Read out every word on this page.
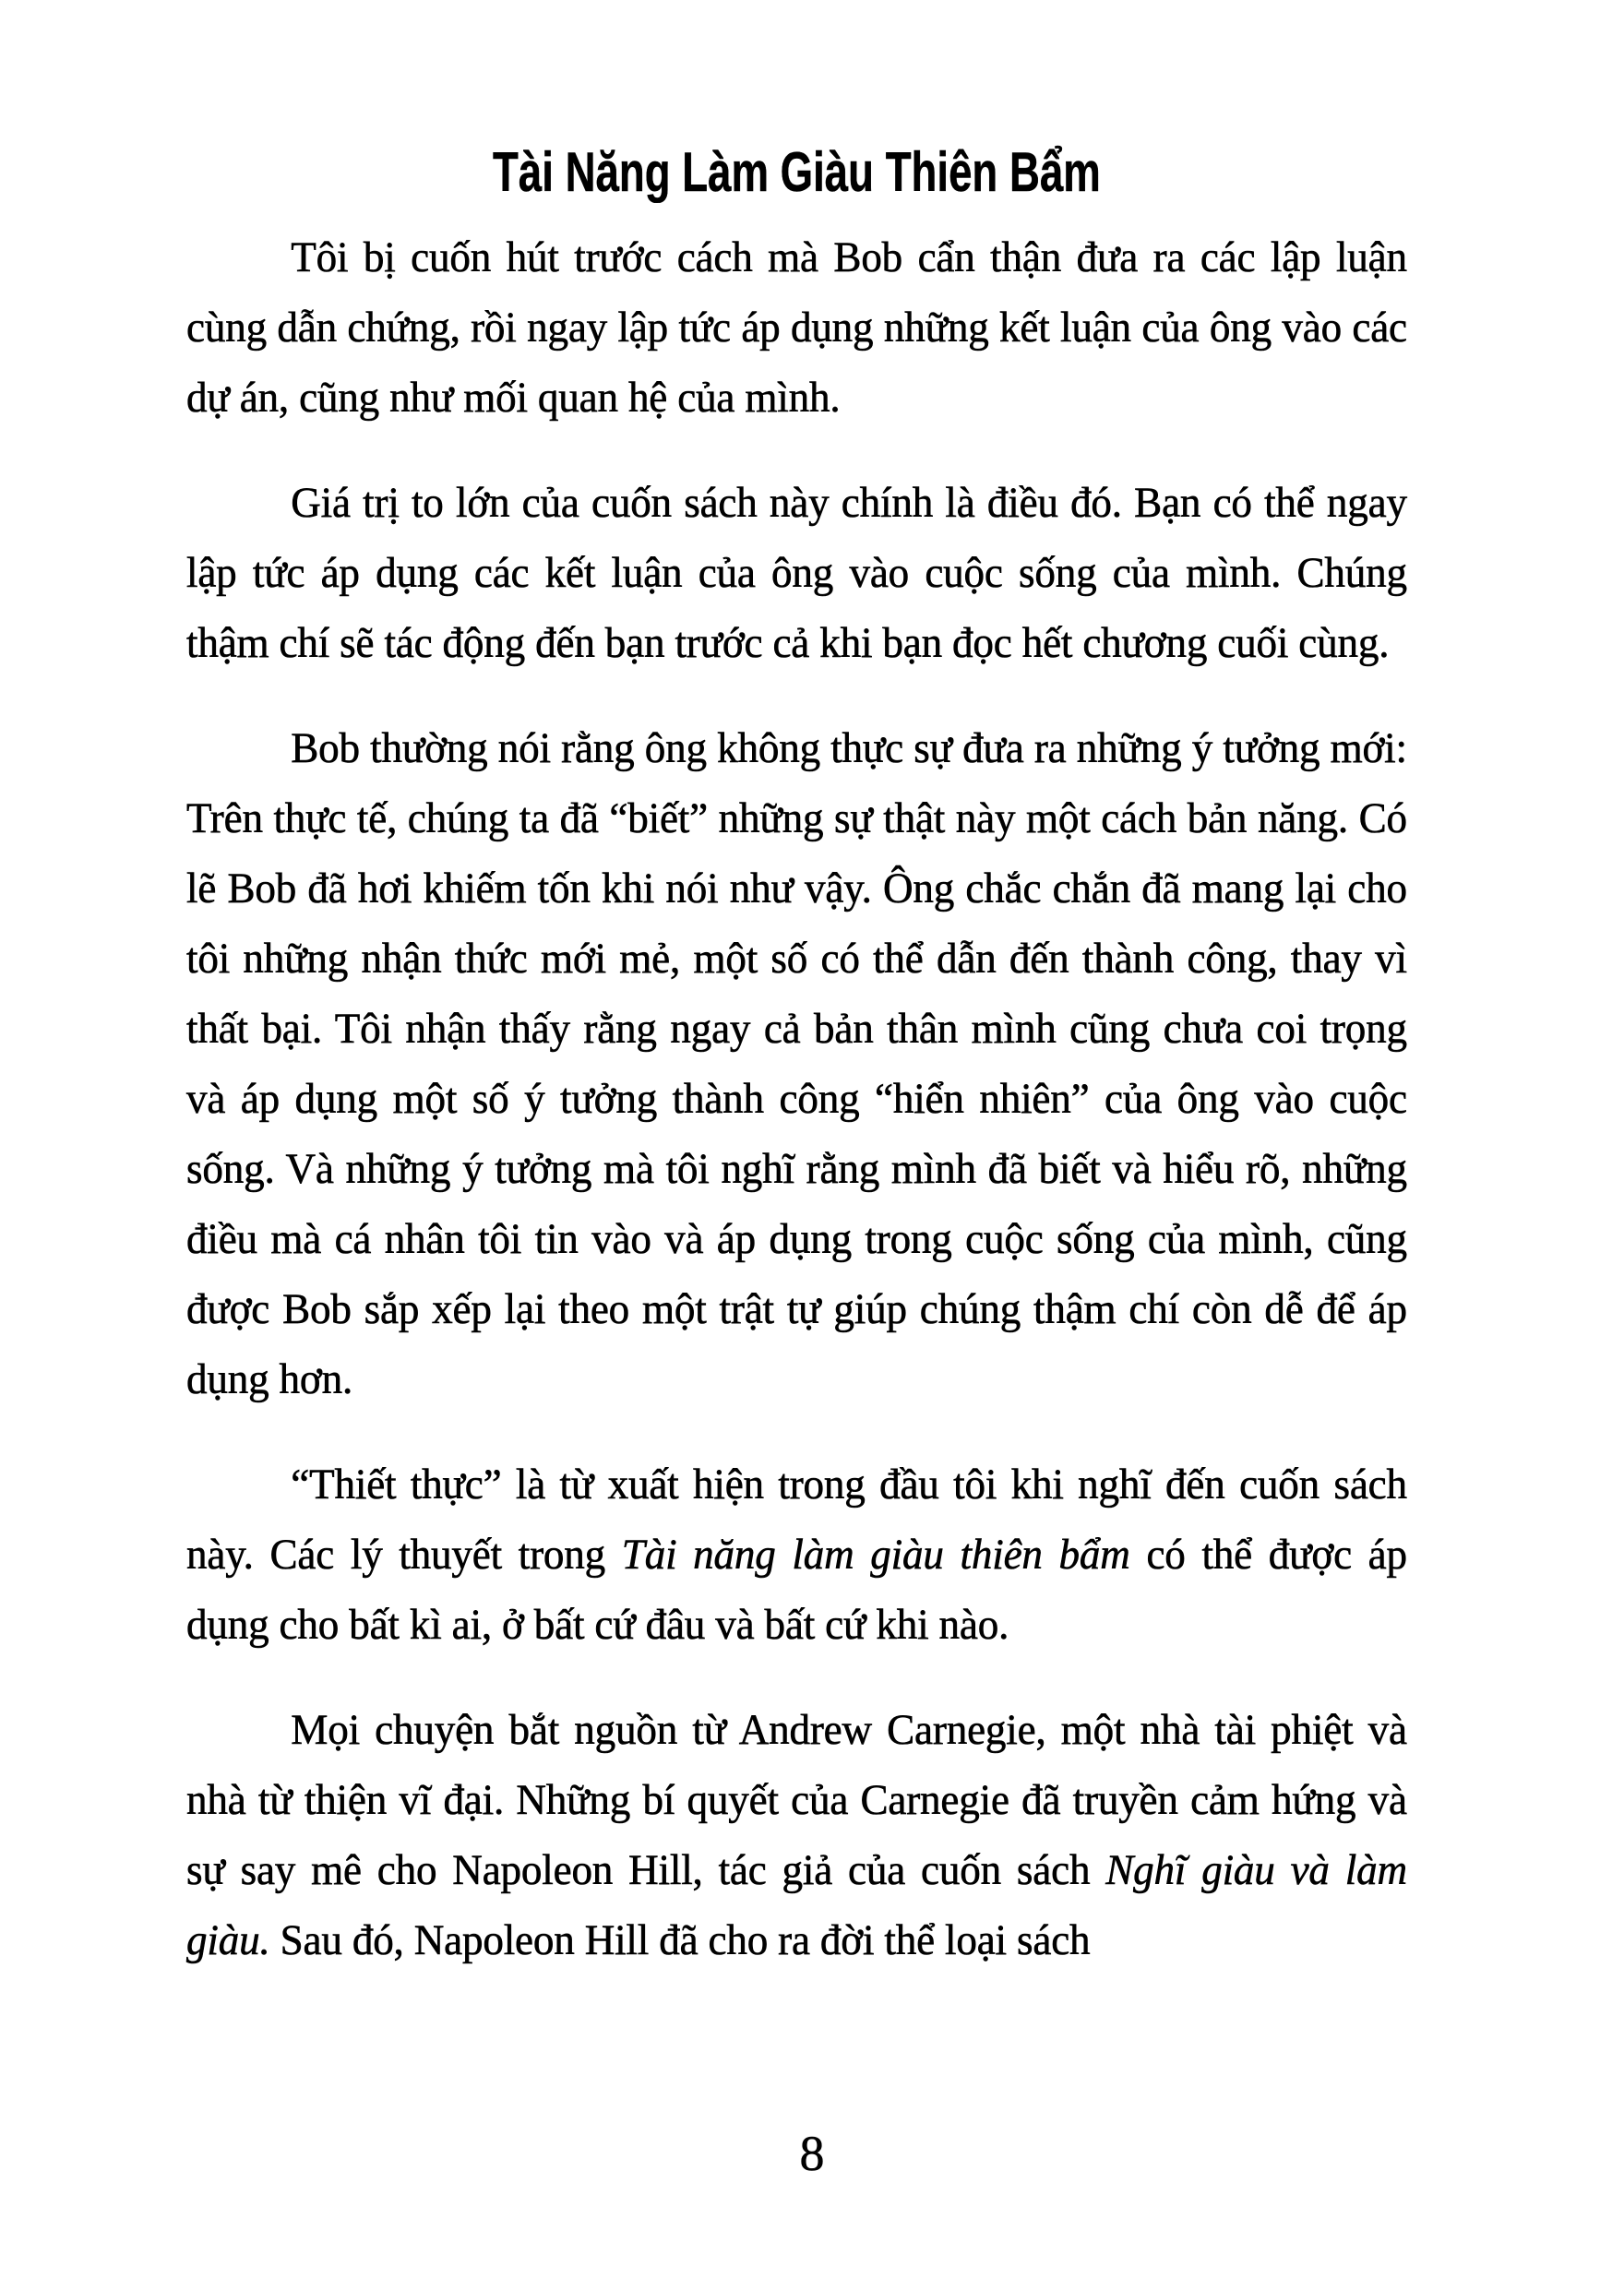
Tài Năng Làm Giàu Thiên Bẩm

Tôi bị cuốn hút trước cách mà Bob cẩn thận đưa ra các lập luận cùng dẫn chứng, rồi ngay lập tức áp dụng những kết luận của ông vào các dự án, cũng như mối quan hệ của mình.

Giá trị to lớn của cuốn sách này chính là điều đó. Bạn có thể ngay lập tức áp dụng các kết luận của ông vào cuộc sống của mình. Chúng thậm chí sẽ tác động đến bạn trước cả khi bạn đọc hết chương cuối cùng.

Bob thường nói rằng ông không thực sự đưa ra những ý tưởng mới: Trên thực tế, chúng ta đã “biết” những sự thật này một cách bản năng. Có lẽ Bob đã hơi khiếm tốn khi nói như vậy. Ông chắc chắn đã mang lại cho tôi những nhận thức mới mẻ, một số có thể dẫn đến thành công, thay vì thất bại. Tôi nhận thấy rằng ngay cả bản thân mình cũng chưa coi trọng và áp dụng một số ý tưởng thành công “hiển nhiên” của ông vào cuộc sống. Và những ý tưởng mà tôi nghĩ rằng mình đã biết và hiểu rõ, những điều mà cá nhân tôi tin vào và áp dụng trong cuộc sống của mình, cũng được Bob sắp xếp lại theo một trật tự giúp chúng thậm chí còn dễ để áp dụng hơn.

“Thiết thực” là từ xuất hiện trong đầu tôi khi nghĩ đến cuốn sách này. Các lý thuyết trong Tài năng làm giàu thiên bẩm có thể được áp dụng cho bất kì ai, ở bất cứ đâu và bất cứ khi nào.

Mọi chuyện bắt nguồn từ Andrew Carnegie, một nhà tài phiệt và nhà từ thiện vĩ đại. Những bí quyết của Carnegie đã truyền cảm hứng và sự say mê cho Napoleon Hill, tác giả của cuốn sách Nghĩ giàu và làm giàu. Sau đó, Napoleon Hill đã cho ra đời thể loại sách

8
